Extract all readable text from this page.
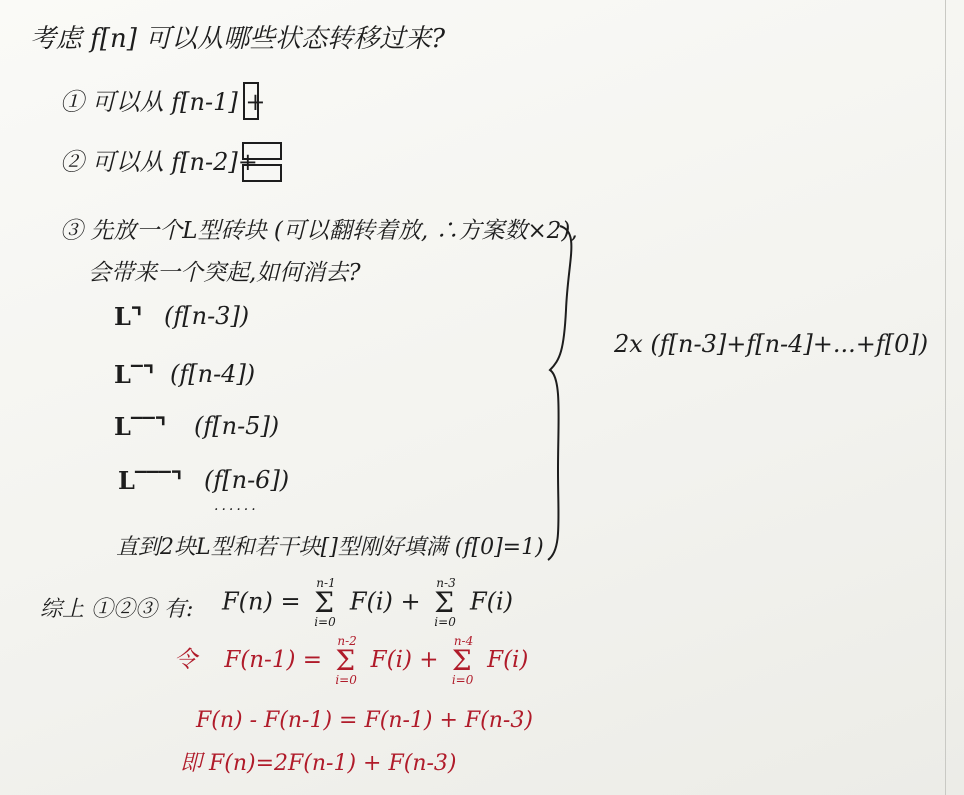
考虑 f[n] 可以从哪些状态转移过来?
① 可以从 f[n-1] +
② 可以从 f[n-2]+
③ 先放一个L型砖块 (可以翻转着放, ∴方案数×2),
会带来一个突起,如何消去?
L⌝ (f[n-3])
L‾⌝ (f[n-4])
L‾‾⌝ (f[n-5])
L‾‾‾⌝ (f[n-6])
......
直到2块L型和若干块[]型刚好填满 (f[0]=1)
2x (f[n-3]+f[n-4]+...+f[0])
综上 ①②③ 有: F(n) =
n-1
Σ
i=0
F(i) +
n-3
Σ
i=0
F(i)
令 F(n-1) =
n-2
Σ
i=0
F(i) +
n-4
Σ
i=0
F(i)
F(n) - F(n-1) = F(n-1) + F(n-3)
即 F(n)=2F(n-1) + F(n-3)
